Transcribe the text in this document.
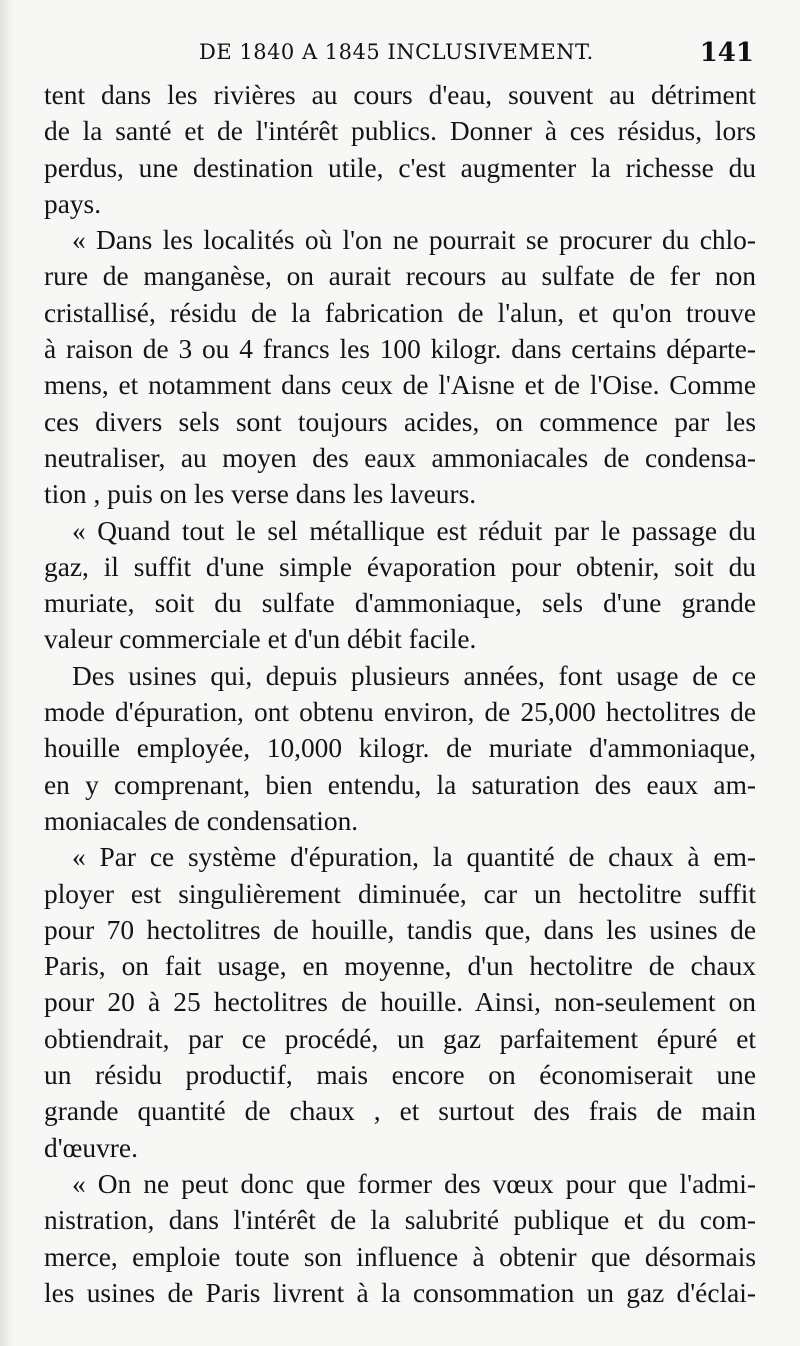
DE 1840 A 1845 INCLUSIVEMENT.	141
tent dans les rivières au cours d'eau, souvent au détriment
de la santé et de l'intérêt publics. Donner à ces résidus, lors
perdus, une destination utile, c'est augmenter la richesse du
pays.
« Dans les localités où l'on ne pourrait se procurer du chlo-
rure de manganèse, on aurait recours au sulfate de fer non
cristallisé, résidu de la fabrication de l'alun, et qu'on trouve
à raison de 3 ou 4 francs les 100 kilogr. dans certains départe-
mens, et notamment dans ceux de l'Aisne et de l'Oise. Comme
ces divers sels sont toujours acides, on commence par les
neutraliser, au moyen des eaux ammoniacales de condensa-
tion , puis on les verse dans les laveurs.
« Quand tout le sel métallique est réduit par le passage du
gaz, il suffit d'une simple évaporation pour obtenir, soit du
muriate, soit du sulfate d'ammoniaque, sels d'une grande
valeur commerciale et d'un débit facile.
Des usines qui, depuis plusieurs années, font usage de ce
mode d'épuration, ont obtenu environ, de 25,000 hectolitres de
houille employée, 10,000 kilogr. de muriate d'ammoniaque,
en y comprenant, bien entendu, la saturation des eaux am-
moniacales de condensation.
« Par ce système d'épuration, la quantité de chaux à em-
ployer est singulièrement diminuée, car un hectolitre suffit
pour 70 hectolitres de houille, tandis que, dans les usines de
Paris, on fait usage, en moyenne, d'un hectolitre de chaux
pour 20 à 25 hectolitres de houille. Ainsi, non-seulement on
obtiendrait, par ce procédé, un gaz parfaitement épuré et
un résidu productif, mais encore on économiserait une
grande quantité de chaux , et surtout des frais de main
d'œuvre.
« On ne peut donc que former des vœux pour que l'admi-
nistration, dans l'intérêt de la salubrité publique et du com-
merce, emploie toute son influence à obtenir que désormais
les usines de Paris livrent à la consommation un gaz d'éclai-
